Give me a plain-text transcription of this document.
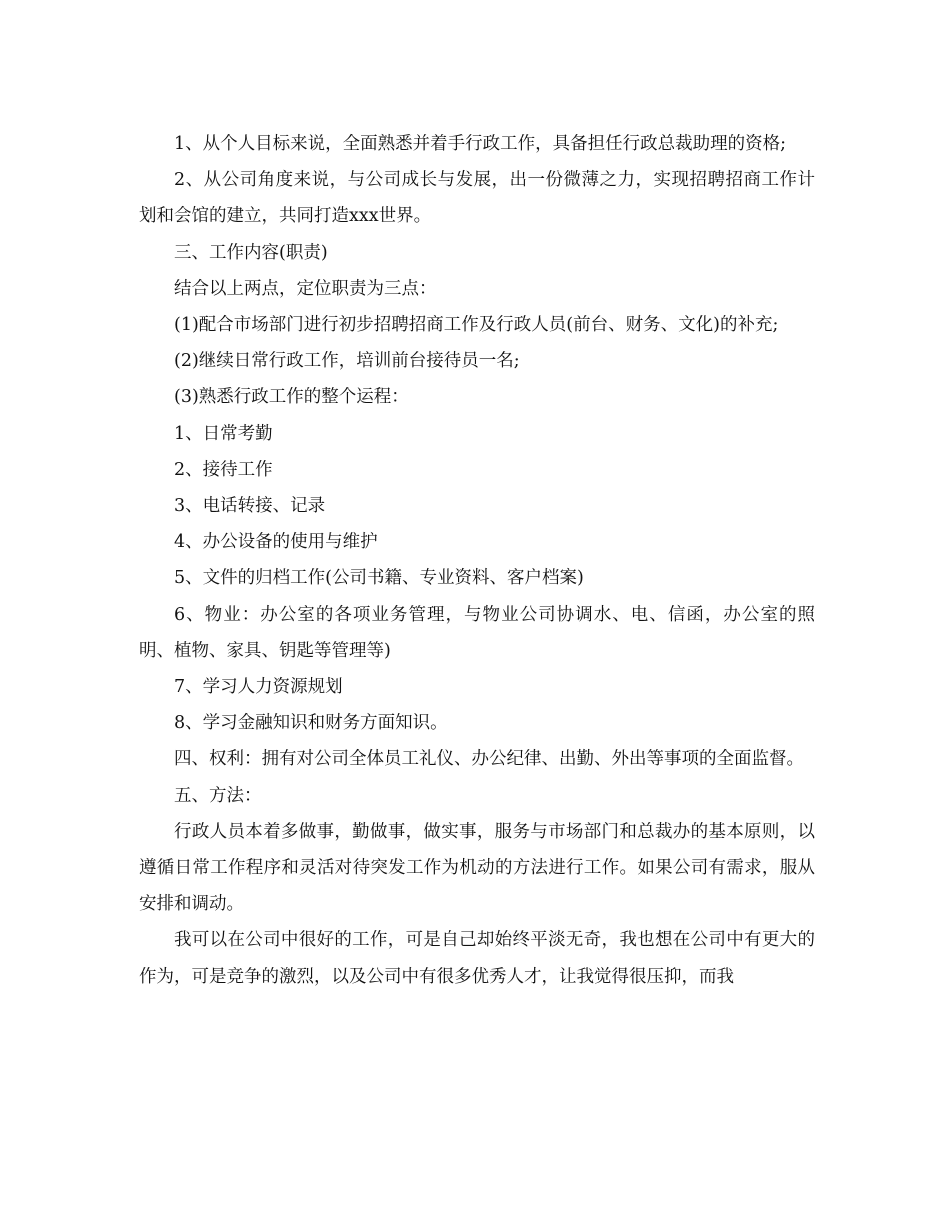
1、从个人目标来说，全面熟悉并着手行政工作，具备担任行政总裁助理的资格;

2、从公司角度来说，与公司成长与发展，出一份微薄之力，实现招聘招商工作计划和会馆的建立，共同打造xxx世界。

三、工作内容(职责)

结合以上两点，定位职责为三点：

(1)配合市场部门进行初步招聘招商工作及行政人员(前台、财务、文化)的补充;

(2)继续日常行政工作，培训前台接待员一名;

(3)熟悉行政工作的整个运程：

1、日常考勤

2、接待工作

3、电话转接、记录

4、办公设备的使用与维护

5、文件的归档工作(公司书籍、专业资料、客户档案)

6、物业：办公室的各项业务管理，与物业公司协调水、电、信函，办公室的照明、植物、家具、钥匙等管理等)

7、学习人力资源规划

8、学习金融知识和财务方面知识。

四、权利：拥有对公司全体员工礼仪、办公纪律、出勤、外出等事项的全面监督。

五、方法：

行政人员本着多做事，勤做事，做实事，服务与市场部门和总裁办的基本原则，以遵循日常工作程序和灵活对待突发工作为机动的方法进行工作。如果公司有需求，服从安排和调动。

我可以在公司中很好的工作，可是自己却始终平淡无奇，我也想在公司中有更大的作为，可是竞争的激烈，以及公司中有很多优秀人才，让我觉得很压抑，而我
